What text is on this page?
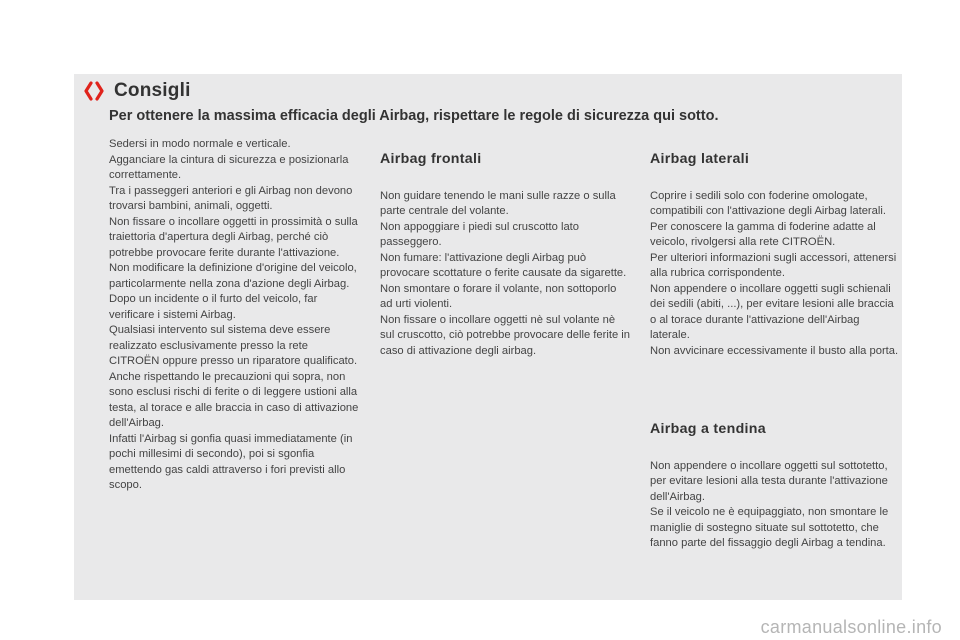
Consigli
Per ottenere la massima efficacia degli Airbag, rispettare le regole di sicurezza qui sotto.
Sedersi in modo normale e verticale.
Agganciare la cintura di sicurezza e posizionarla correttamente.
Tra i passeggeri anteriori e gli Airbag non devono trovarsi bambini, animali, oggetti.
Non fissare o incollare oggetti in prossimità o sulla traiettoria d'apertura degli Airbag, perché ciò potrebbe provocare ferite durante l'attivazione.
Non modificare la definizione d'origine del veicolo, particolarmente nella zona d'azione degli Airbag.
Dopo un incidente o il furto del veicolo, far verificare i sistemi Airbag.
Qualsiasi intervento sul sistema deve essere realizzato esclusivamente presso la rete CITROËN oppure presso un riparatore qualificato.
Anche rispettando le precauzioni qui sopra, non sono esclusi rischi di ferite o di leggere ustioni alla testa, al torace e alle braccia in caso di attivazione dell'Airbag.
Infatti l'Airbag si gonfia quasi immediatamente (in pochi millesimi di secondo), poi si sgonfia emettendo gas caldi attraverso i fori previsti allo scopo.

Airbag frontali

Non guidare tenendo le mani sulle razze o sulla parte centrale del volante.
Non appoggiare i piedi sul cruscotto lato passeggero.
Non fumare: l'attivazione degli Airbag può provocare scottature o ferite causate da sigarette.
Non smontare o forare il volante, non sottoporlo ad urti violenti.
Non fissare o incollare oggetti nè sul volante nè sul cruscotto, ciò potrebbe provocare delle ferite in caso di attivazione degli airbag.

Airbag laterali

Coprire i sedili solo con foderine omologate, compatibili con l'attivazione degli Airbag laterali. Per conoscere la gamma di foderine adatte al veicolo, rivolgersi alla rete CITROËN.
Per ulteriori informazioni sugli accessori, attenersi alla rubrica corrispondente.
Non appendere o incollare oggetti sugli schienali dei sedili (abiti, ...), per evitare lesioni alle braccia o al torace durante l'attivazione dell'Airbag laterale.
Non avvicinare eccessivamente il busto alla porta.

Airbag a tendina

Non appendere o incollare oggetti sul sottotetto, per evitare lesioni alla testa durante l'attivazione dell'Airbag.
Se il veicolo ne è equipaggiato, non smontare le maniglie di sostegno situate sul sottotetto, che fanno parte del fissaggio degli Airbag a tendina.

carmanualsonline.info
